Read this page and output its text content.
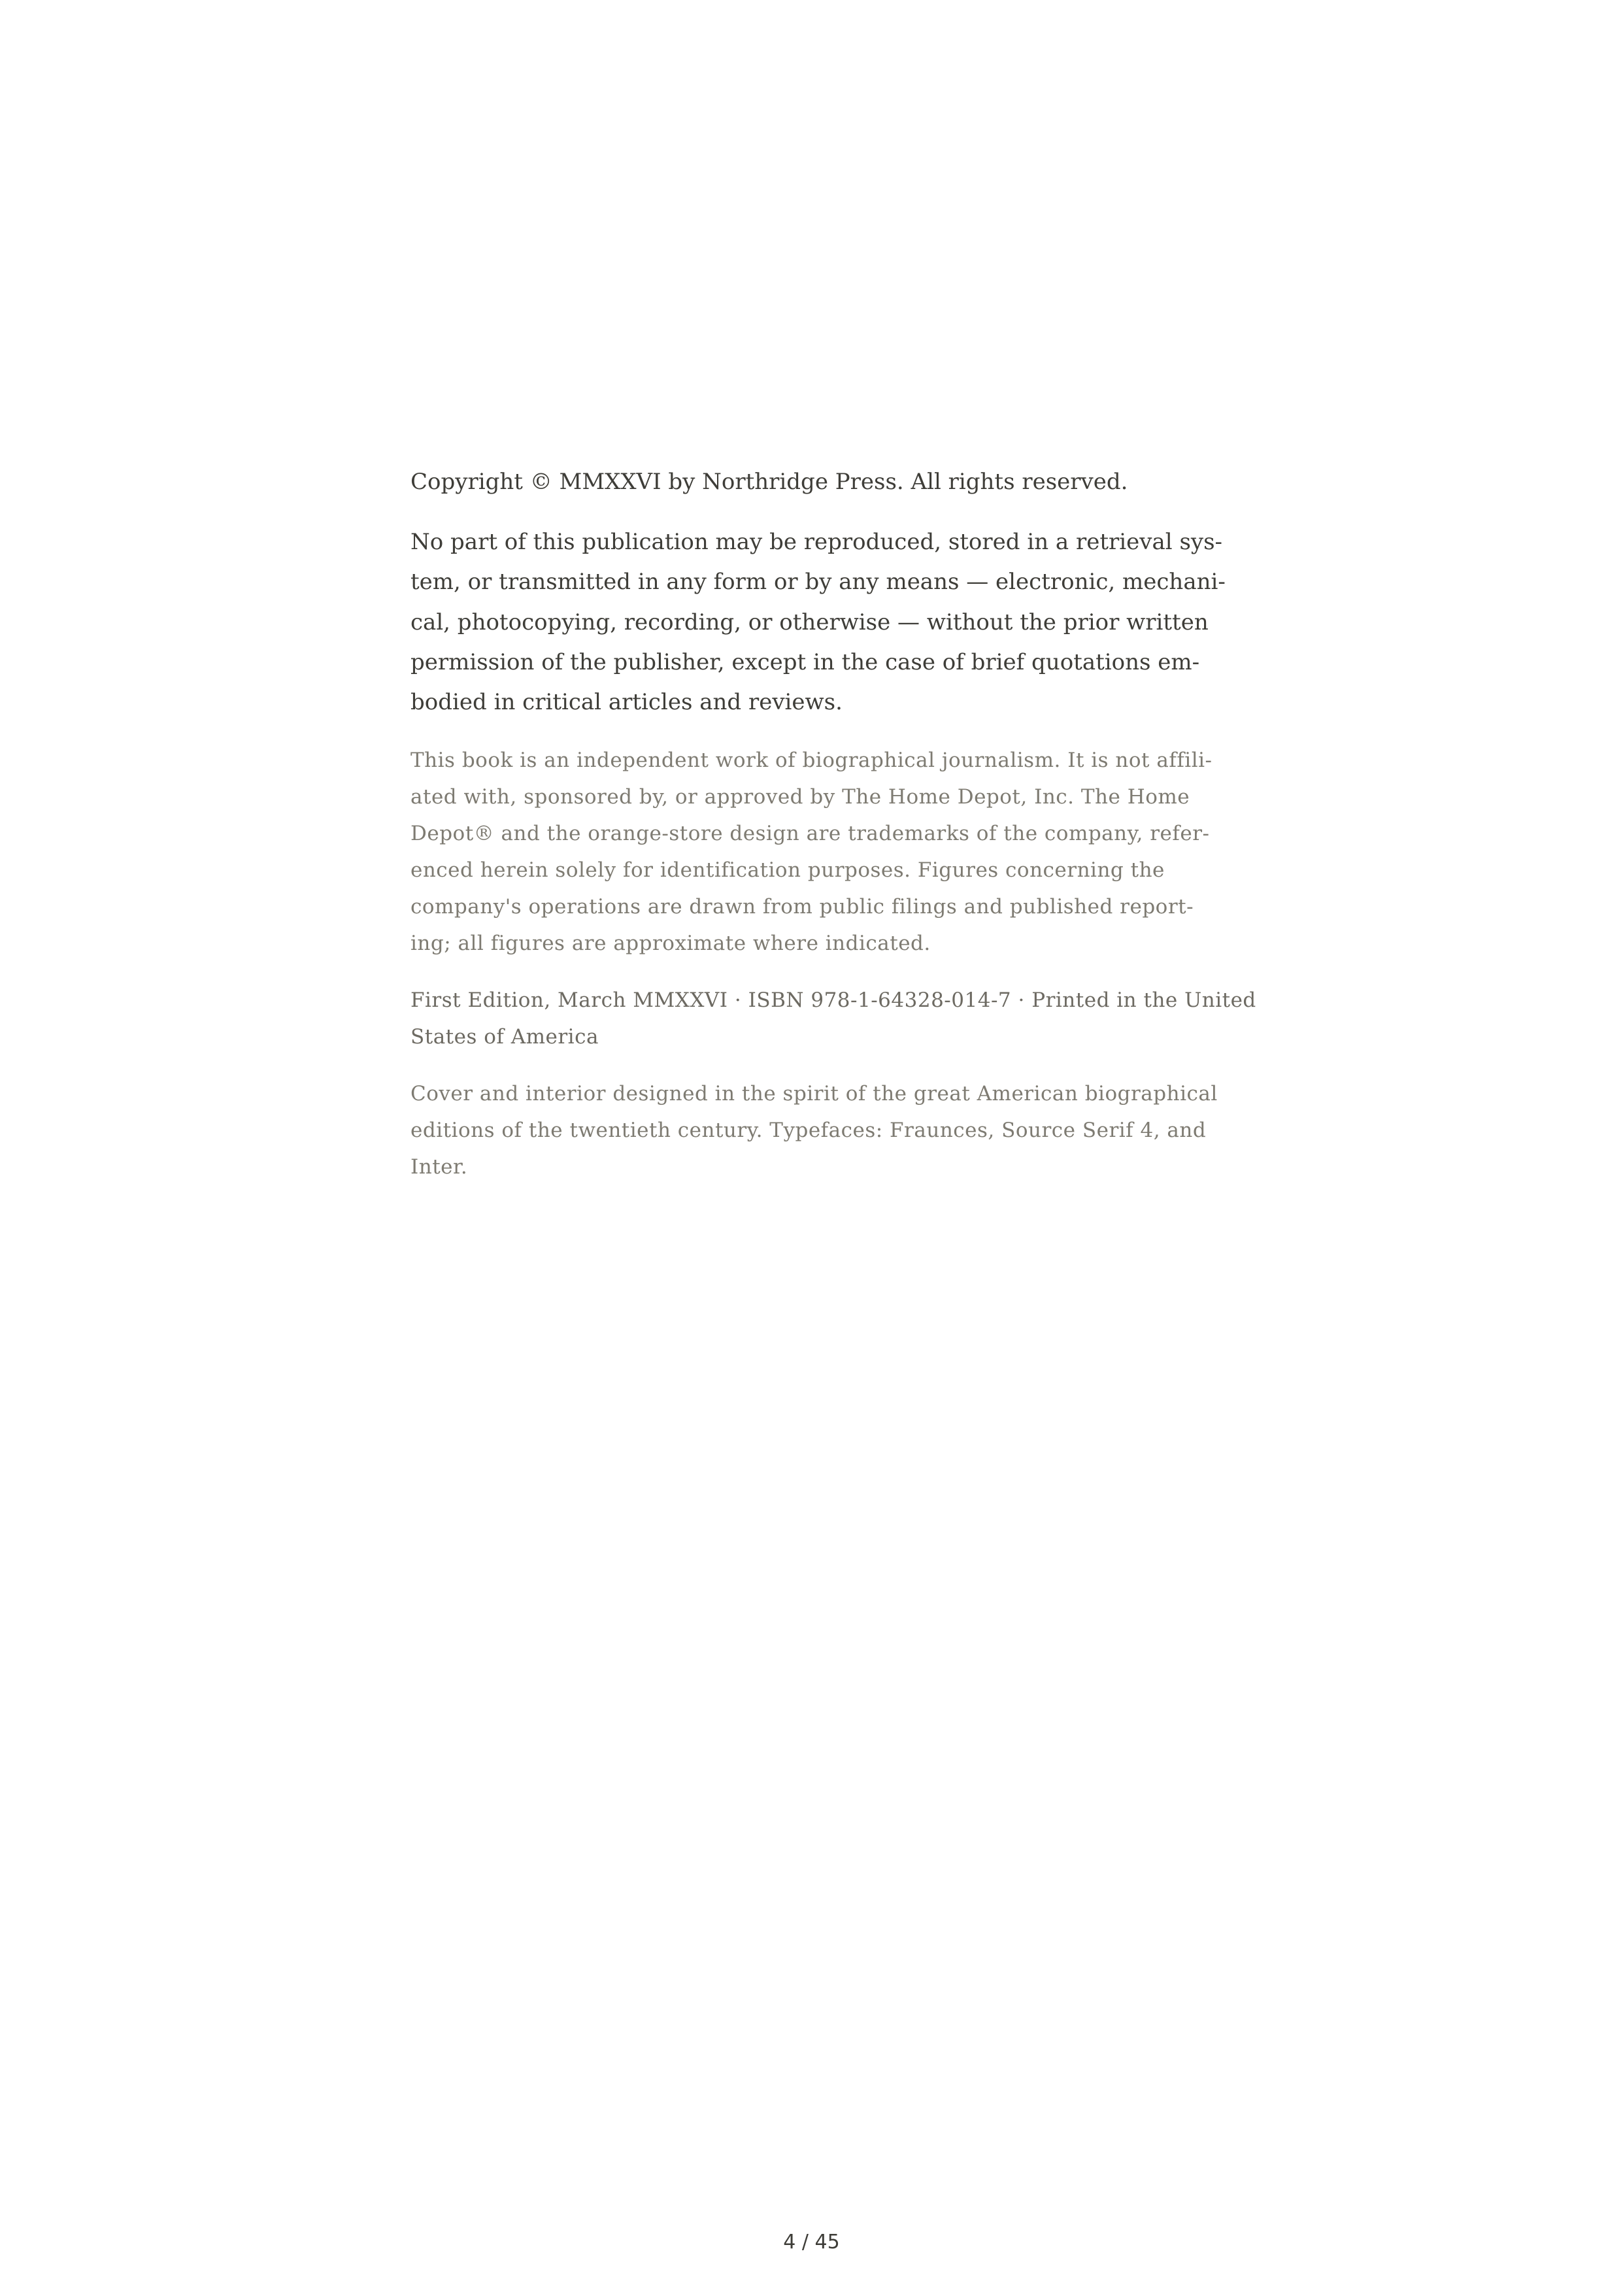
Copyright © MMXXVI by Northridge Press. All rights reserved.
No part of this publication may be reproduced, stored in a retrieval sys-
tem, or transmitted in any form or by any means — electronic, mechani-
cal, photocopying, recording, or otherwise — without the prior written
permission of the publisher, except in the case of brief quotations em-
bodied in critical articles and reviews.
This book is an independent work of biographical journalism. It is not affili-
ated with, sponsored by, or approved by The Home Depot, Inc. The Home
Depot® and the orange-store design are trademarks of the company, refer-
enced herein solely for identification purposes. Figures concerning the
company's operations are drawn from public filings and published report-
ing; all figures are approximate where indicated.
First Edition, March MMXXVI · ISBN 978-1-64328-014-7 · Printed in the United
States of America
Cover and interior designed in the spirit of the great American biographical
editions of the twentieth century. Typefaces: Fraunces, Source Serif 4, and
Inter.
4 / 45
